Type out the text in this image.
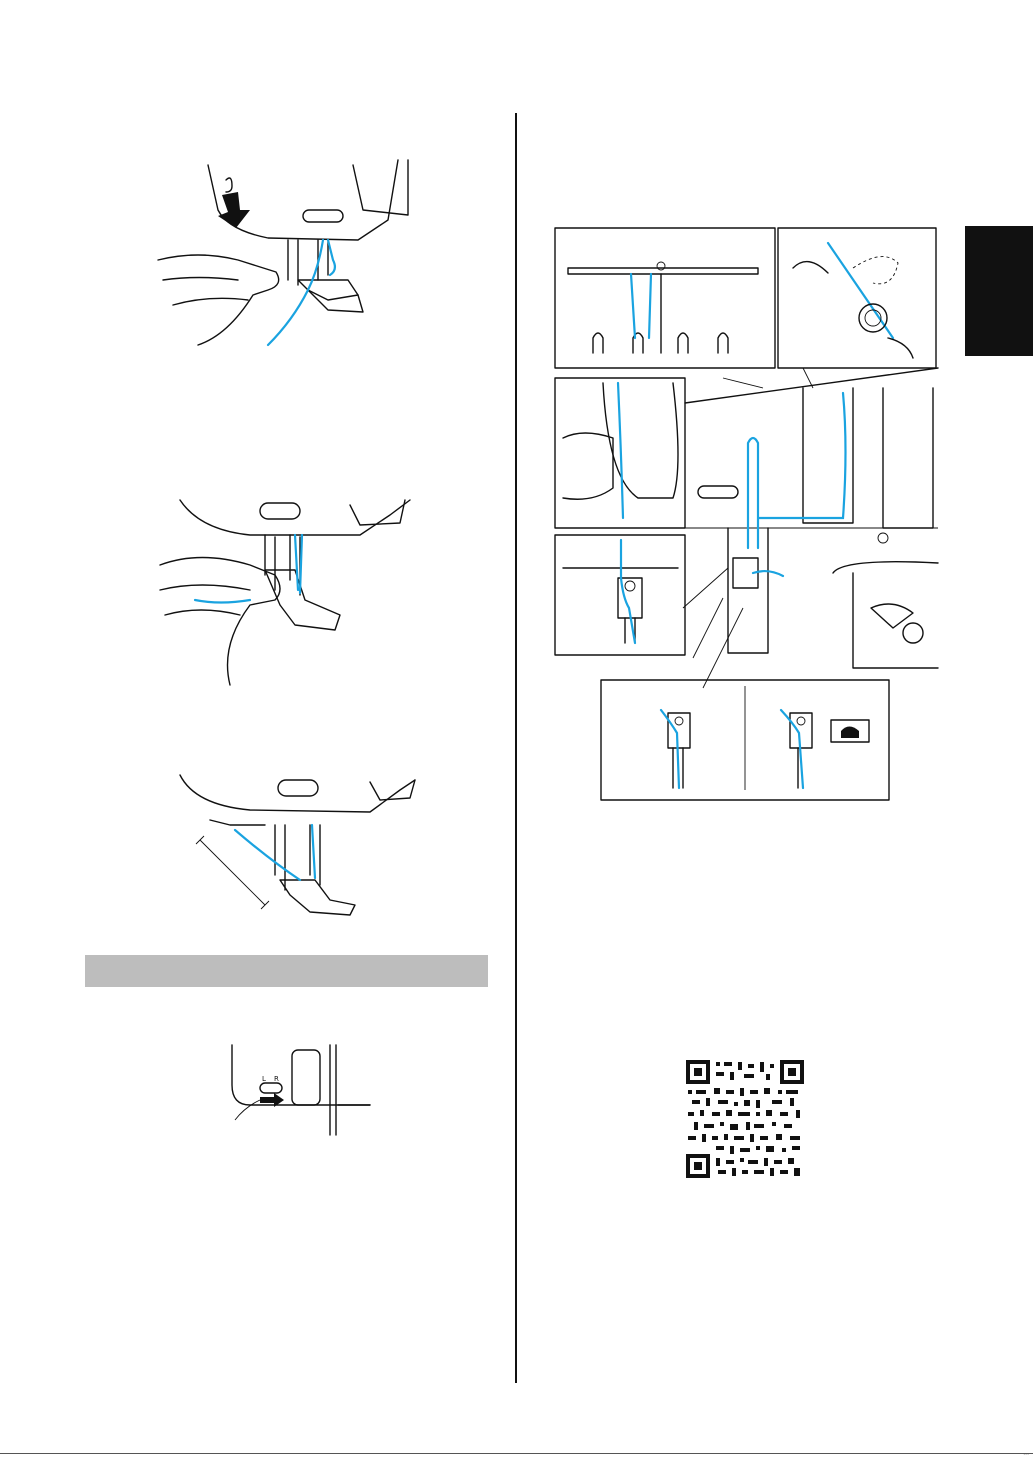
L R
···
